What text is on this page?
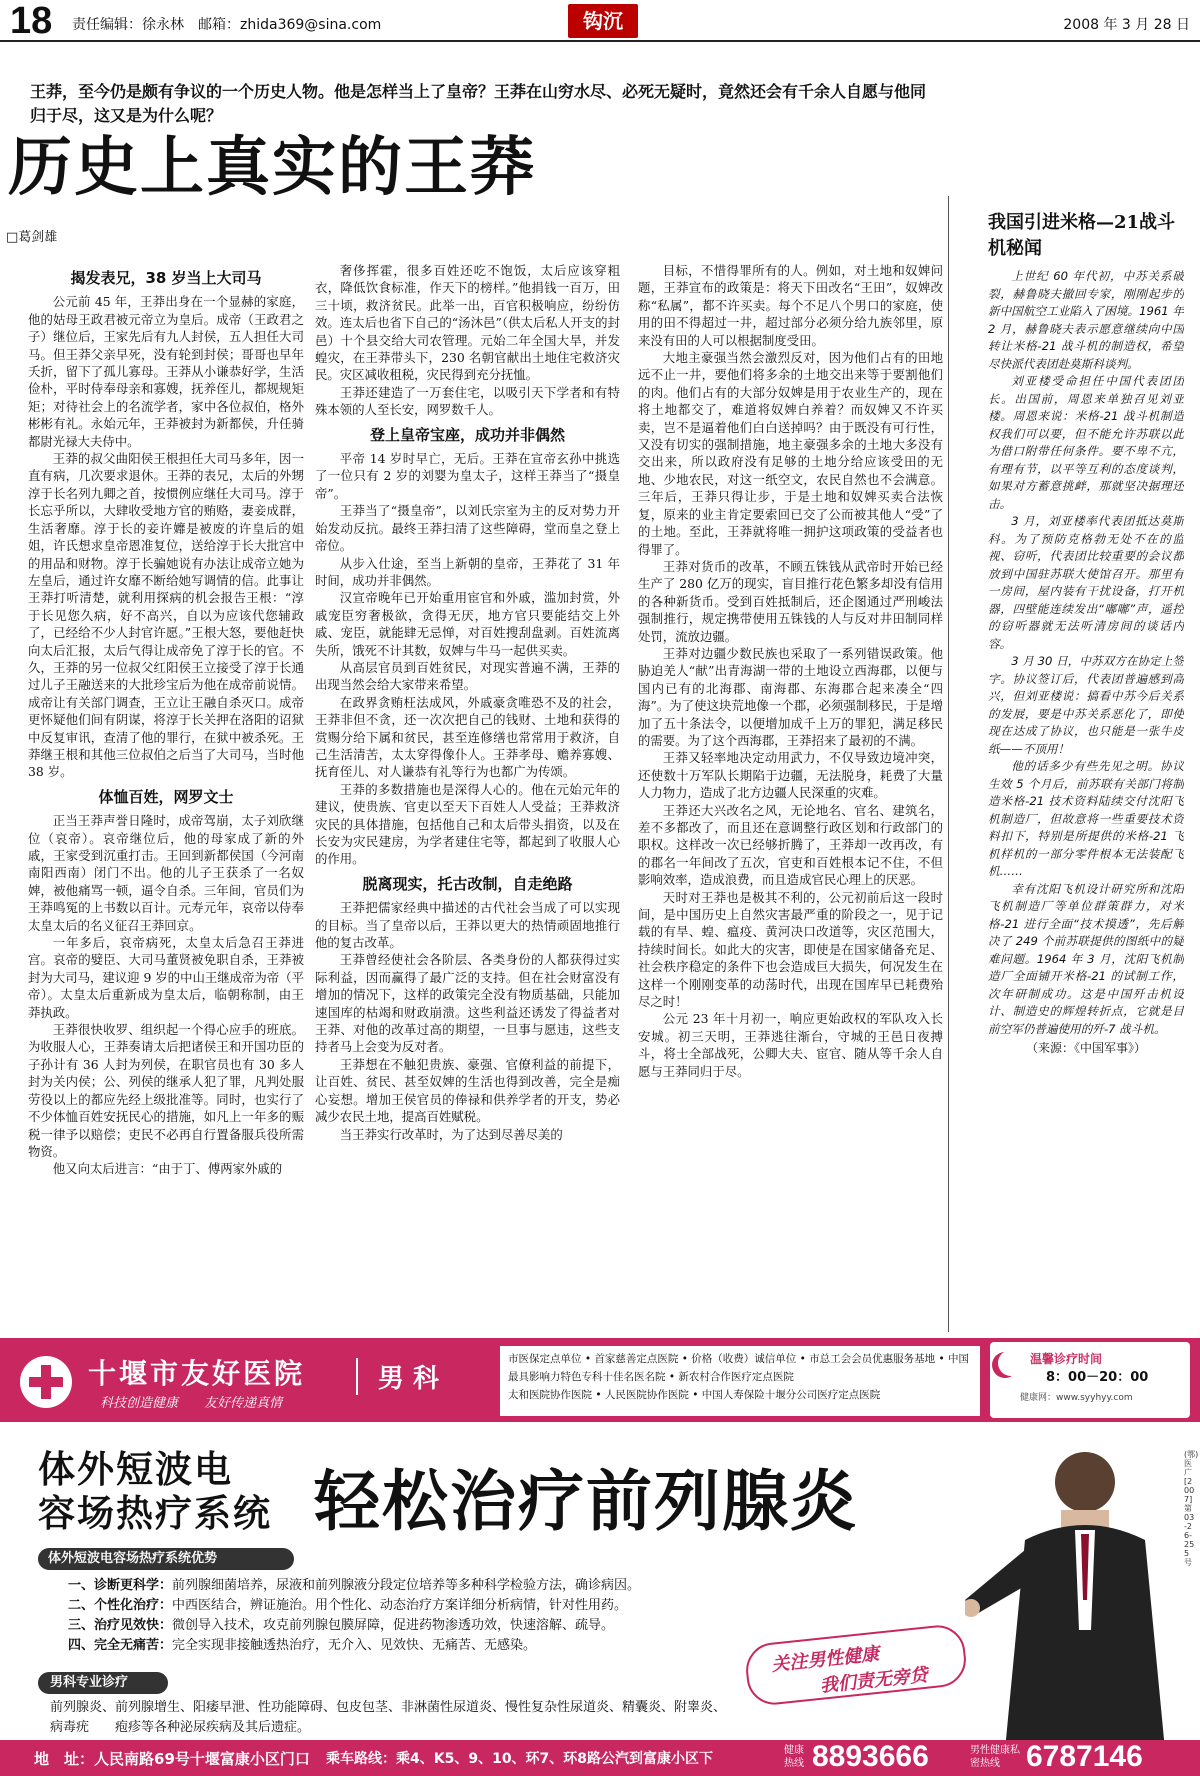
18 责任编辑：徐永林　邮箱：zhida369@sina.com	钩沉	2008 年 3 月 28 日
王莽，至今仍是颇有争议的一个历史人物。他是怎样当上了皇帝？王莽在山穷水尽、必死无疑时，竟然还会有千余人自愿与他同归于尽，这又是为什么呢？
历史上真实的王莽
□葛剑雄
揭发表兄，38 岁当上大司马

公元前 45 年，王莽出身在一个显赫的家庭，他的姑母王政君被元帝立为皇后。成帝（王政君之子）继位后，王家先后有九人封侯，五人担任大司马。但王莽父亲早死，没有轮到封侯；哥哥也早年夭折，留下了孤儿寡母。王莽从小谦恭好学，生活俭朴，平时侍奉母亲和寡嫂，抚养侄儿，都规规矩矩；对待社会上的名流学者，家中各位叔伯，格外彬彬有礼。永始元年，王莽被封为新都侯，升任骑都尉光禄大夫侍中。

王莽的叔父曲阳侯王根担任大司马多年，因一直有病，几次要求退休。王莽的表兄，太后的外甥淳于长名列九卿之首，按惯例应继任大司马。淳于长忘乎所以，大肆收受地方官的贿赂，妻妾成群，生活奢靡。淳于长的妾许孊是被废的许皇后的姐姐，许氏想求皇帝恩准复位，送给淳于长大批宫中的用品和财物。淳于长骗她说有办法让成帝立她为左皇后，通过许女靡不断给她写调情的信。此事让王莽打听清楚，就利用探病的机会报告王根：“淳于长见您久病，好不高兴，自以为应该代您辅政了，已经给不少人封官许愿。”王根大怒，要他赶快向太后汇报，太后气得让成帝免了淳于长的官。不久，王莽的另一位叔父红阳侯王立接受了淳于长通过儿子王融送来的大批珍宝后为他在成帝前说情。成帝让有关部门调查，王立让王融自杀灭口。成帝更怀疑他们间有阴谋，将淳于长关押在洛阳的诏狱中反复审讯，查清了他的罪行，在狱中被杀死。王莽继王根和其他三位叔伯之后当了大司马，当时他 38 岁。

体恤百姓，网罗文士

正当王莽声誉日隆时，成帝驾崩，太子刘欣继位（哀帝）。哀帝继位后，他的母家成了新的外戚，王家受到沉重打击。王回到新都侯国（今河南南阳西南）闭门不出。他的儿子王获杀了一名奴婢，被他痛骂一顿，逼令自杀。三年间，官员们为王莽鸣冤的上书数以百计。元寿元年，哀帝以侍奉太皇太后的名义征召王莽回京。

一年多后，哀帝病死，太皇太后急召王莽进宫。哀帝的嬖臣、大司马董贤被免职自杀，王莽被封为大司马，建议迎 9 岁的中山王继成帝为帝（平帝）。太皇太后重新成为皇太后，临朝称制，由王莽执政。

王莽很快收罗、组织起一个得心应手的班底。为收服人心，王莽奏请太后把诸侯王和开国功臣的子孙计有 36 人封为列侯，在职官员也有 30 多人封为关内侯；公、列侯的继承人犯了罪，凡判处服劳役以上的都应先经上级批准等。同时，也实行了不少体恤百姓安抚民心的措施，如凡上一年多的赈税一律予以赔偿；吏民不必再自行置备服兵役所需物资。

他又向太后进言：“由于丁、傅两家外戚的

奢侈挥霍，很多百姓还吃不饱饭，太后应该穿粗衣，降低饮食标准，作天下的榜样。”他捐钱一百万，田三十顷，救济贫民。此举一出，百官积极响应，纷纷仿效。连太后也省下自己的“汤沐邑”（供太后私人开支的封邑）十个县交给大司农管理。元始二年全国大旱，并发蝗灾，在王莽带头下，230 名朝官献出土地住宅救济灾民。灾区减收租税，灾民得到充分抚恤。

王莽还建造了一万套住宅，以吸引天下学者和有特殊本领的人至长安，网罗数千人。

登上皇帝宝座，成功并非偶然

平帝 14 岁时早亡，无后。王莽在宣帝玄孙中挑选了一位只有 2 岁的刘婴为皇太子，这样王莽当了“摄皇帝”。

王莽当了“摄皇帝”，以刘氏宗室为主的反对势力开始发动反抗。最终王莽扫清了这些障碍，堂而皇之登上帝位。

从步入仕途，至当上新朝的皇帝，王莽花了 31 年时间，成功并非偶然。

汉宣帝晚年已开始重用宦官和外戚，滥加封赏，外戚宠臣穷奢极欲，贪得无厌，地方官只要能结交上外戚、宠臣，就能肆无忌惮，对百姓搜刮盘剥。百姓流离失所，饿死不计其数，奴婢与牛马一起供买卖。

从高层官员到百姓贫民，对现实普遍不满，王莽的出现当然会给大家带来希望。

在政界贪贿枉法成风，外戚豪贪唯恐不及的社会，王莽非但不贪，还一次次把自己的钱财、土地和获得的赏赐分给下属和贫民，甚至连修缮也常常用于救济，自己生活清苦，太太穿得像仆人。王莽孝母、赡养寡嫂、抚育侄儿、对人谦恭有礼等行为也都广为传颂。

王莽的多数措施也是深得人心的。他在元始元年的建议，使贵族、官吏以至天下百姓人人受益；王莽救济灾民的具体措施，包括他自己和太后带头捐资，以及在长安为灾民建房，为学者建住宅等，都起到了收服人心的作用。

脱离现实，托古改制，自走绝路

王莽把儒家经典中描述的古代社会当成了可以实现的目标。当了皇帝以后，王莽以更大的热情顽固地推行他的复古改革。

王莽曾经使社会各阶层、各类身份的人都获得过实际利益，因而赢得了最广泛的支持。但在社会财富没有增加的情况下，这样的政策完全没有物质基础，只能加速国库的枯竭和财政崩溃。这些利益还诱发了得益者对王莽、对他的改革过高的期望，一旦事与愿违，这些支持者马上会变为反对者。

王莽想在不触犯贵族、豪强、官僚利益的前提下，让百姓、贫民、甚至奴婢的生活也得到改善，完全是痴心妄想。增加王侯官员的俸禄和供养学者的开支，势必减少农民土地，提高百姓赋税。

当王莽实行改革时，为了达到尽善尽美的

目标，不惜得罪所有的人。例如，对土地和奴婢问题，王莽宣布的政策是：将天下田改名“王田”，奴婢改称“私属”，都不许买卖。每个不足八个男口的家庭，使用的田不得超过一井，超过部分必须分给九族邻里，原来没有田的人可以根据制度受田。

大地主豪强当然会激烈反对，因为他们占有的田地远不止一井，要他们将多余的土地交出来等于要割他们的肉。他们占有的大部分奴婢是用于农业生产的，现在将土地都交了，难道将奴婢白养着？而奴婢又不许买卖，岂不是逼着他们白白送掉吗？由于既没有可行性，又没有切实的强制措施，地主豪强多余的土地大多没有交出来，所以政府没有足够的土地分给应该受田的无地、少地农民，对这一纸空文，农民自然也不会满意。三年后，王莽只得让步，于是土地和奴婢买卖合法恢复，原来的业主肯定要索回已交了公而被其他人“受”了的土地。至此，王莽就将唯一拥护这项政策的受益者也得罪了。

王莽对货币的改革，不顾五铢钱从武帝时开始已经生产了 280 亿万的现实，盲目推行花色繁多却没有信用的各种新货币。受到百姓抵制后，还企图通过严刑峻法强制推行，规定携带使用五铢钱的人与反对井田制同样处罚，流放边疆。

王莽对边疆少数民族也采取了一系列错误政策。他胁迫羌人“献”出青海湖一带的土地设立西海郡，以便与国内已有的北海郡、南海郡、东海郡合起来凑全“四海”。为了使这块荒地像一个郡，必须强制移民，于是增加了五十条法令，以便增加成千上万的罪犯，满足移民的需要。为了这个西海郡，王莽招来了最初的不满。

王莽又轻率地决定动用武力，不仅导致边境冲突，还使数十万军队长期陷于边疆，无法脱身，耗费了大量人力物力，造成了北方边疆人民深重的灾难。

王莽还大兴改名之风，无论地名、官名、建筑名，差不多都改了，而且还在意调整行政区划和行政部门的职权。这样改一次已经够折腾了，王莽却一改再改，有的郡名一年间改了五次，官吏和百姓根本记不住，不但影响效率，造成浪费，而且造成官民心理上的厌恶。

天时对王莽也是极其不利的，公元初前后这一段时间，是中国历史上自然灾害最严重的阶段之一，见于记载的有旱、蝗、瘟疫、黄河决口改道等，灾区范围大，持续时间长。如此大的灾害，即使是在国家储备充足、社会秩序稳定的条件下也会造成巨大损失，何况发生在这样一个刚刚变革的动荡时代，出现在国库早已耗费殆尽之时！

公元 23 年十月初一，响应更始政权的军队攻入长安城。初三天明，王莽逃往渐台，守城的王邑日夜搏斗，将士全部战死，公卿大夫、宦官、随从等千余人自愿与王莽同归于尽。

我国引进米格—21战斗机秘闻

上世纪 60 年代初，中苏关系破裂，赫鲁晓夫撤回专家，刚刚起步的新中国航空工业陷入了困境。1961 年 2 月，赫鲁晓夫表示愿意继续向中国转让米格-21 战斗机的制造权，希望尽快派代表团赴莫斯科谈判。

刘亚楼受命担任中国代表团团长。出国前，周恩来单独召见刘亚楼。周恩来说：米格-21 战斗机制造权我们可以要，但不能允许苏联以此为借口附带任何条件。要不卑不亢，有理有节，以平等互利的态度谈判，如果对方蓄意挑衅，那就坚决据理还击。

3 月，刘亚楼率代表团抵达莫斯科。为了预防克格勃无处不在的监视、窃听，代表团比较重要的会议都放到中国驻苏联大使馆召开。那里有一房间，屋内装有干扰设备，打开机器，四壁能连续发出“嘟嘟”声，遥控的窃听器就无法听清房间的谈话内容。

3 月 30 日，中苏双方在协定上签字。协议签订后，代表团普遍感到高兴，但刘亚楼说：搞看中苏今后关系的发展，要是中苏关系恶化了，即使现在达成了协议，也只能是一张牛皮纸——不顶用！

他的话多少有些先见之明。协议生效 5 个月后，前苏联有关部门将制造米格-21 技术资料陆续交付沈阳飞机制造厂，但故意将一些重要技术资料扣下，特别是所提供的米格-21 飞机样机的一部分零件根本无法装配飞机……

幸有沈阳飞机设计研究所和沈阳飞机制造厂等单位群策群力，对米格-21 进行全面“技术摸透”，先后解决了 249 个前苏联提供的图纸中的疑难问题。1964 年 3 月，沈阳飞机制造厂全面铺开米格-21 的试制工作，次年研制成功。这是中国歼击机设计、制造史的辉煌转折点，它就是目前空军仍普遍使用的歼-7 战斗机。

（来源：《中国军事》）
十堰市友好医院
科技创造健康　　友好传递真情
男 科
市医保定点单位 • 首家慈善定点医院 • 价格（收费）诚信单位 • 市总工会会员优惠服务基地 • 中国最具影响力特色专科十佳名医名院 • 新农村合作医疗定点医院
太和医院协作医院 • 人民医院协作医院 • 中国人寿保险十堰分公司医疗定点医院
温馨诊疗时间
8：00－20：00
健康网：www.syyhyy.com
体外短波电
容场热疗系统 轻松治疗前列腺炎
体外短波电容场热疗系统优势
一、诊断更科学：前列腺细菌培养，尿液和前列腺液分段定位培养等多种科学检验方法，确诊病因。
二、个性化治疗：中西医结合，辨证施治。用个性化、动态治疗方案详细分析病情，针对性用药。
三、治疗见效快：微创导入技术，攻克前列腺包膜屏障，促进药物渗透功效，快速溶解、疏导。
四、完全无痛苦：完全实现非接触透热治疗，无介入、见效快、无痛苦、无感染。
男科专业诊疗
前列腺炎、前列腺增生、阳痿早泄、性功能障碍、包皮包茎、非淋菌性尿道炎、慢性复杂性尿道炎、精囊炎、附睾炎、病毒疣　　疱疹等各种泌尿疾病及其后遗症。
关注男性健康
我们责无旁贷
地　址：人民南路69号十堰富康小区门口 乘车路线：乘4、K5、9、10、环7、环8路公汽到富康小区下
健康热线 8893666	男性健康私密热线 6787146
(鄂)医广[2007]第03-26-255号
